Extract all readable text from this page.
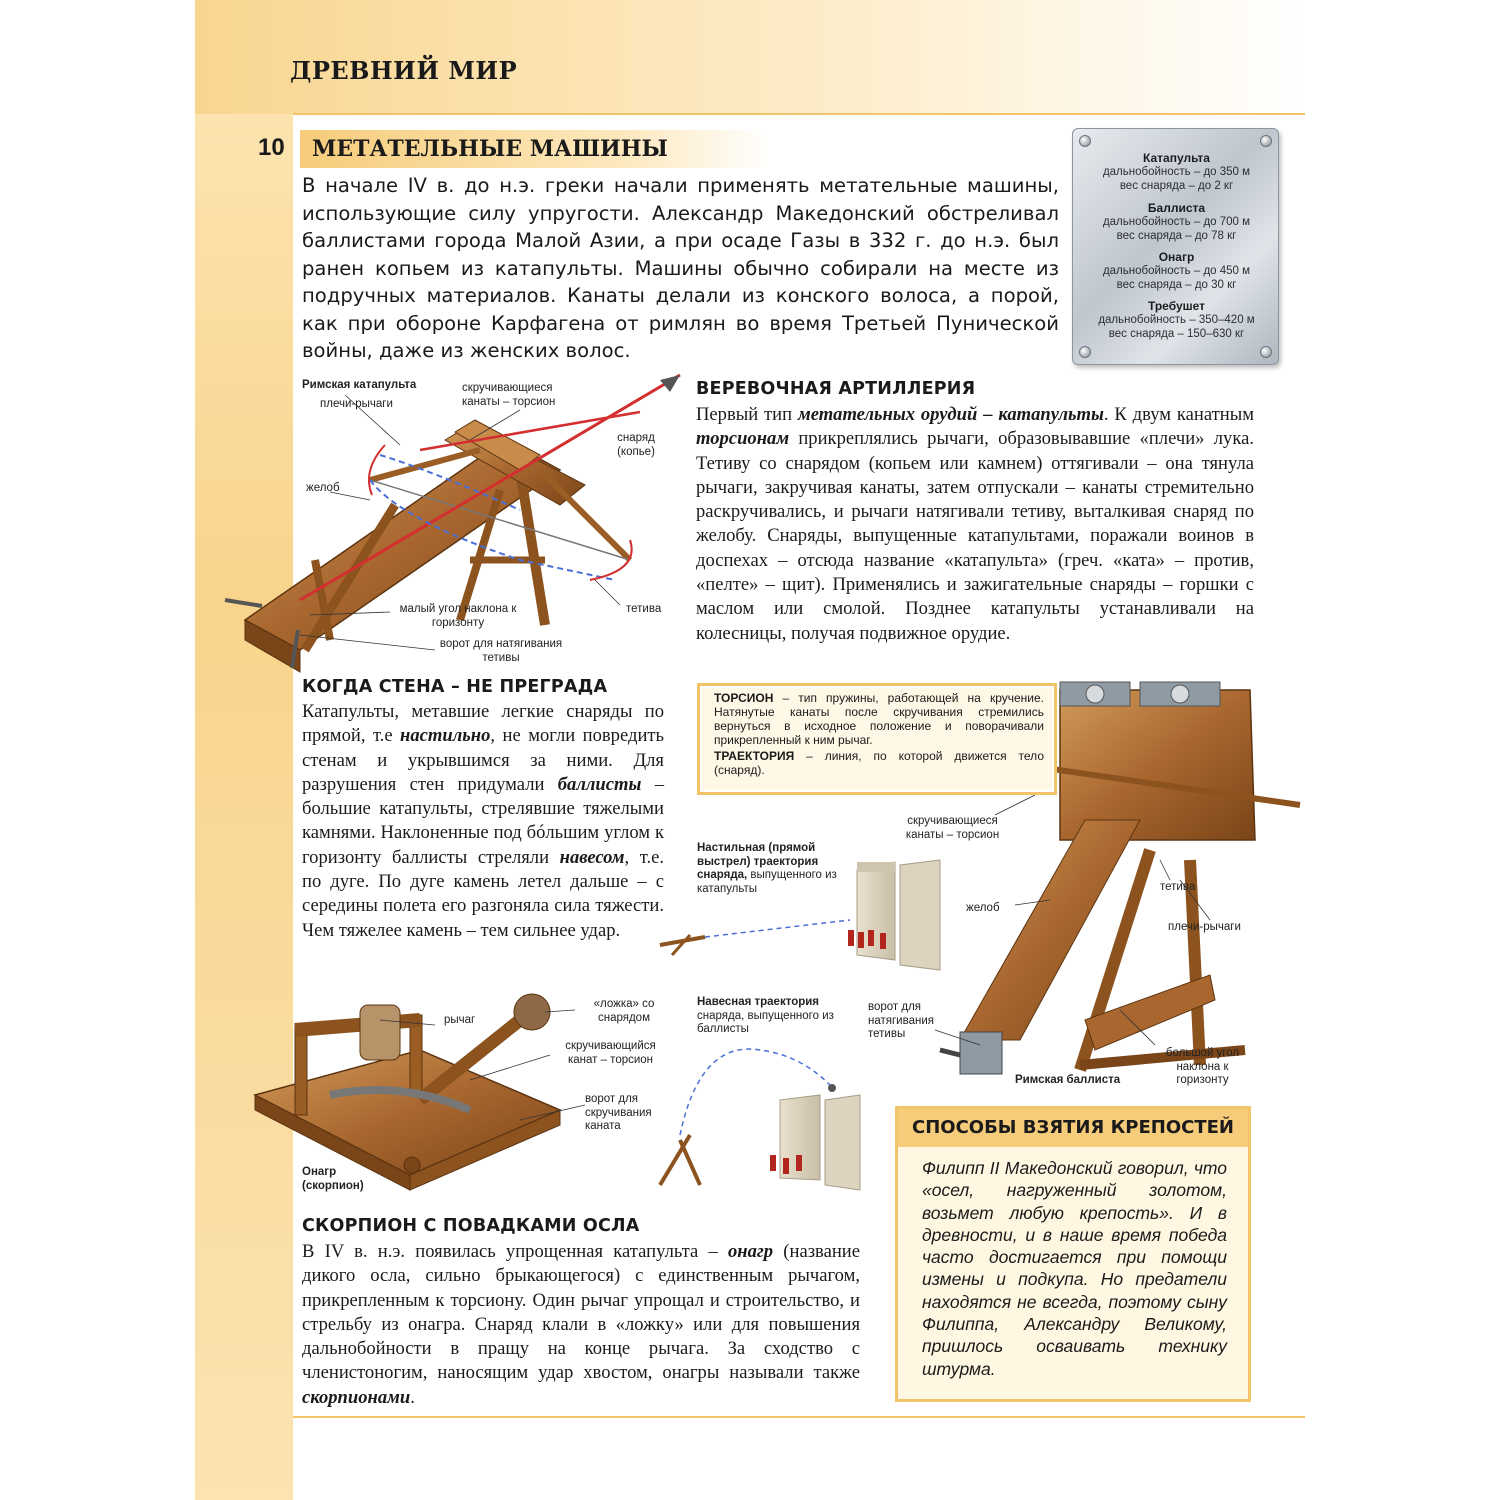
ДРЕВНИЙ МИР
10 МЕТАТЕЛЬНЫЕ МАШИНЫ

В начале IV в. до н.э. греки начали применять метательные машины, использующие силу упругости. Александр Македонский обстреливал баллистами города Малой Азии, а при осаде Газы в 332 г. до н.э. был ранен копьем из катапульты. Машины обычно собирали на месте из подручных материалов. Канаты делали из конского волоса, а порой, как при обороне Карфагена от римлян во время Третьей Пунической войны, даже из женских волос.

Катапульта
дальнобойность – до 350 м
вес снаряда – до 2 кг
Баллиста
дальнобойность – до 700 м
вес снаряда – до 78 кг
Онагр
дальнобойность – до 450 м
вес снаряда – до 30 кг
Требушет
дальнобойность – 350–420 м
вес снаряда – 150–630 кг
Римская катапульта
плечи-рычаги
скручивающиеся канаты – торсион
снаряд (копье)
желоб
тетива
малый угол наклона к горизонту
ворот для натягивания тетивы
ВЕРЕВОЧНАЯ АРТИЛЛЕРИЯ

Первый тип метательных орудий – катапульты. К двум канатным торсионам прикреплялись рычаги, образовывавшие «плечи» лука. Тетиву со снарядом (копьем или камнем) оттягивали – она тянула рычаги, закручивая канаты, затем отпускали – канаты стремительно раскручивались, и рычаги натягивали тетиву, выталкивая снаряд по желобу. Снаряды, выпущенные катапультами, поражали воинов в доспехах – отсюда название «катапульта» (греч. «ката» – против, «пелте» – щит). Применялись и зажигательные снаряды – горшки с маслом или смолой. Позднее катапульты устанавливали на колесницы, получая подвижное орудие.

КОГДА СТЕНА – НЕ ПРЕГРАДА

Катапульты, метавшие легкие снаряды по прямой, т.е настильно, не могли повредить стенам и укрывшимся за ними. Для разрушения стен придумали баллисты – большие катапульты, стрелявшие тяжелыми камнями. Наклоненные под бóльшим углом к горизонту баллисты стреляли навесом, т.е. по дуге. По дуге камень летел дальше – с середины полета его разгоняла сила тяжести. Чем тяжелее камень – тем сильнее удар.

ТОРСИОН – тип пружины, работающей на кручение. Натянутые канаты после скручивания стремились вернуться в исходное положение и поворачивали прикрепленный к ним рычаг.

ТРАЕКТОРИЯ – линия, по которой движется тело (снаряд).

Настильная (прямой выстрел) траектория снаряда, выпущенного из катапульты
Навесная траектория снаряда, выпущенного из баллисты
скручивающиеся канаты – торсион
тетива
желоб
плечи-рычаги
ворот для натягивания тетивы
большой угол наклона к горизонту
Римская баллиста
рычаг
«ложка» со снарядом
скручивающийся канат – торсион
ворот для скручивания каната
Онагр (скорпион)
СКОРПИОН С ПОВАДКАМИ ОСЛА

В IV в. н.э. появилась упрощенная катапульта – онагр (название дикого осла, сильно брыкающегося) с единственным рычагом, прикрепленным к торсиону. Один рычаг упрощал и строительство, и стрельбу из онагра. Снаряд клали в «ложку» или для повышения дальнобойности в пращу на конце рычага. За сходство с членистоногим, наносящим удар хвостом, онагры называли также скорпионами.

СПОСОБЫ ВЗЯТИЯ КРЕПОСТЕЙ

Филипп II Македонский говорил, что «осел, нагруженный золотом, возьмет любую крепость». И в древности, и в наше время победа часто достигается при помощи измены и подкупа. Но предатели находятся не всегда, поэтому сыну Филиппа, Александру Великому, пришлось осваивать технику штурма.
